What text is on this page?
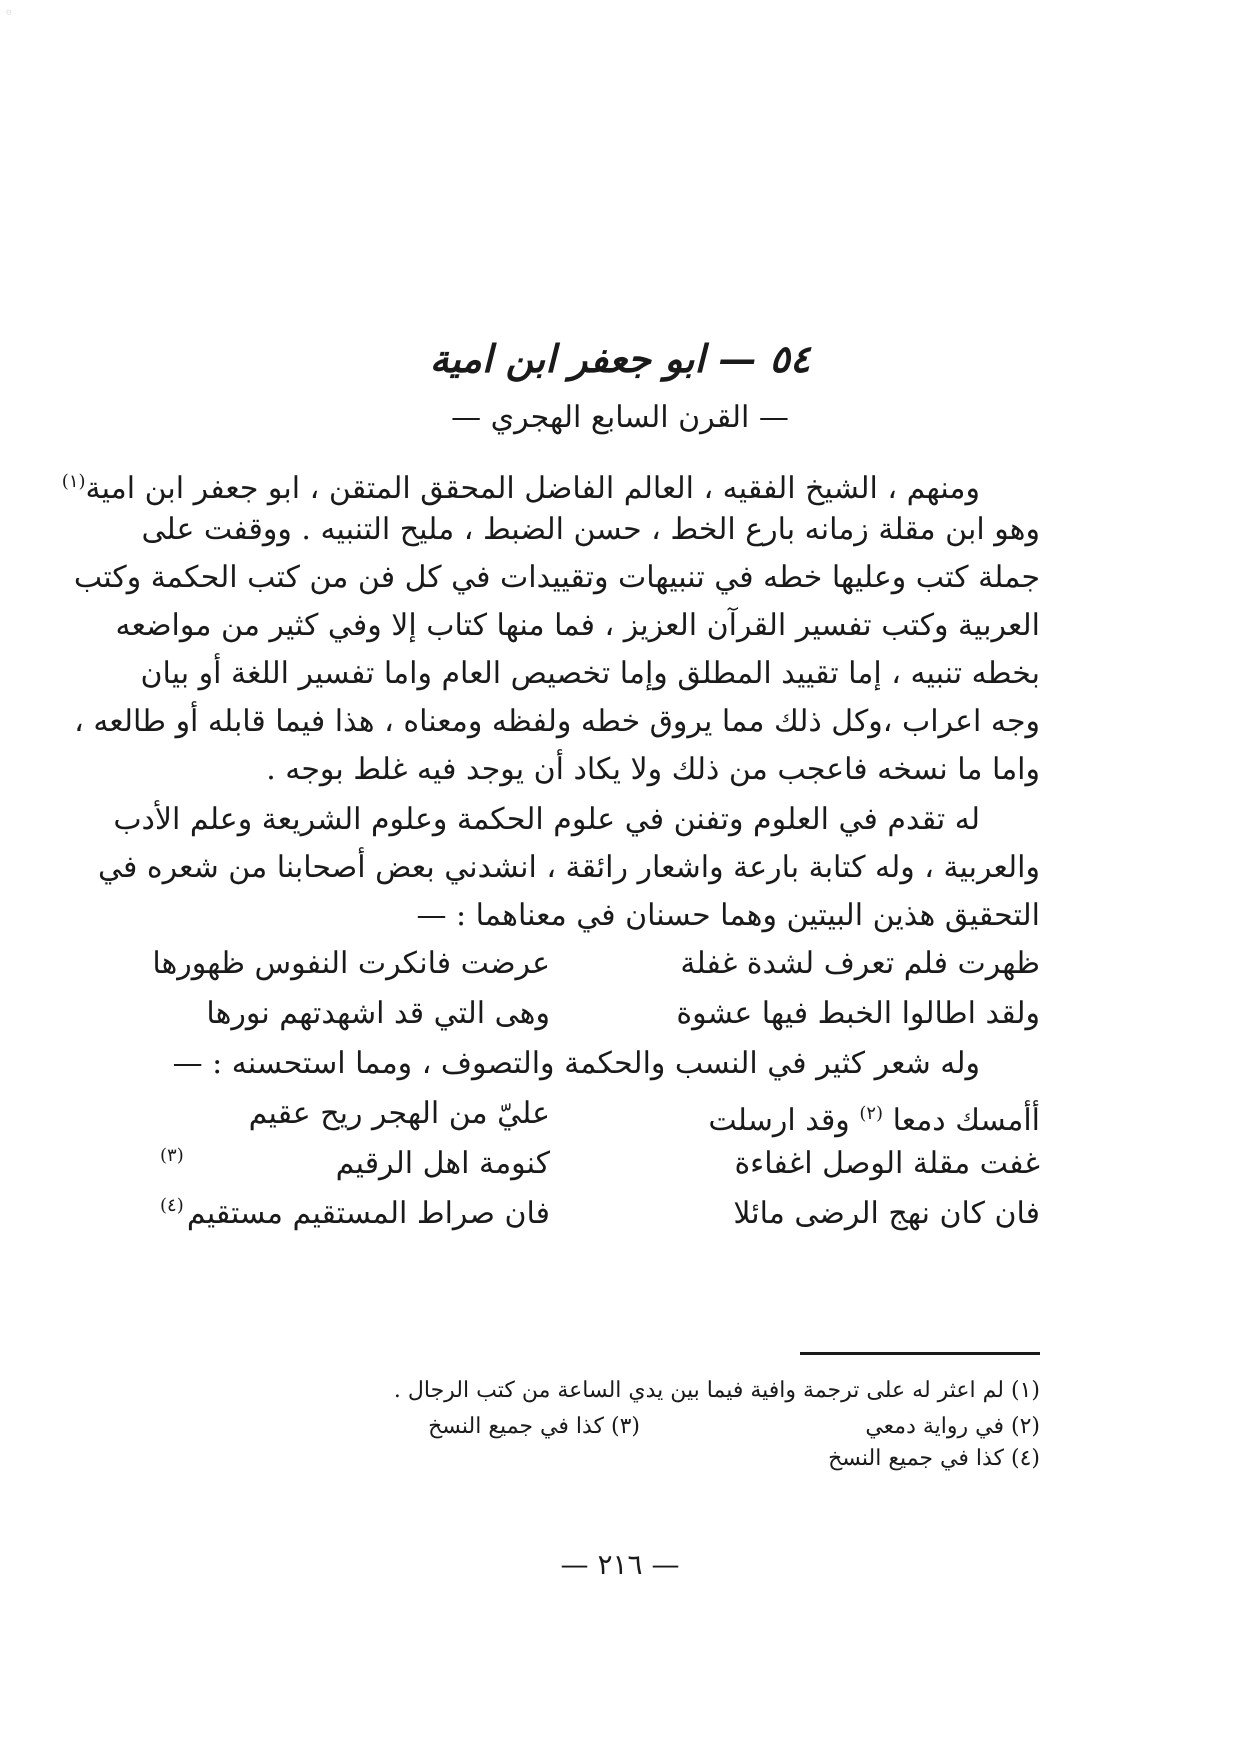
۞
٥٤ — ابو جعفر ابن امية
— القرن السابع الهجري —
ومنهم ، الشيخ الفقيه ، العالم الفاضل المحقق المتقن ، ابو جعفر ابن امية$^{(١)}$
وهو ابن مقلة زمانه بارع الخط ، حسن الضبط ، مليح التنبيه . ووقفت على
جملة كتب وعليها خطه في تنبيهات وتقييدات في كل فن من كتب الحكمة وكتب
العربية وكتب تفسير القرآن العزيز ، فما منها كتاب إلا وفي كثير من مواضعه
بخطه تنبيه ، إما تقييد المطلق وإما تخصيص العام واما تفسير اللغة أو بيان
وجه اعراب ،وكل ذلك مما يروق خطه ولفظه ومعناه ، هذا فيما قابله أو طالعه ،
واما ما نسخه فاعجب من ذلك ولا يكاد أن يوجد فيه غلط بوجه .
له تقدم في العلوم وتفنن في علوم الحكمة وعلوم الشريعة وعلم الأدب
والعربية ، وله كتابة بارعة واشعار رائقة ، انشدني بعض أصحابنا من شعره في
التحقيق هذين البيتين وهما حسنان في معناهما : —
ظهرت فلم تعرف لشدة غفلة
عرضت فانكرت النفوس ظهورها
ولقد اطالوا الخبط فيها عشوة
وهى التي قد اشهدتهم نورها
وله شعر كثير في النسب والحكمة والتصوف ، ومما استحسنه : —
أأمسك دمعا $^{(٢)}$ وقد ارسلت
عليّ من الهجر ريح عقيم
غفت مقلة الوصل اغفاءة
كنومة اهل الرقيم
(٣)
فان كان نهج الرضى مائلا
فان صراط المستقيم مستقيم
(٤)
(١) لم اعثر له على ترجمة وافية فيما بين يدي الساعة من كتب الرجال .
(٢) في رواية دمعي
(٣) كذا في جميع النسخ
(٤) كذا في جميع النسخ
— ٢١٦ —
